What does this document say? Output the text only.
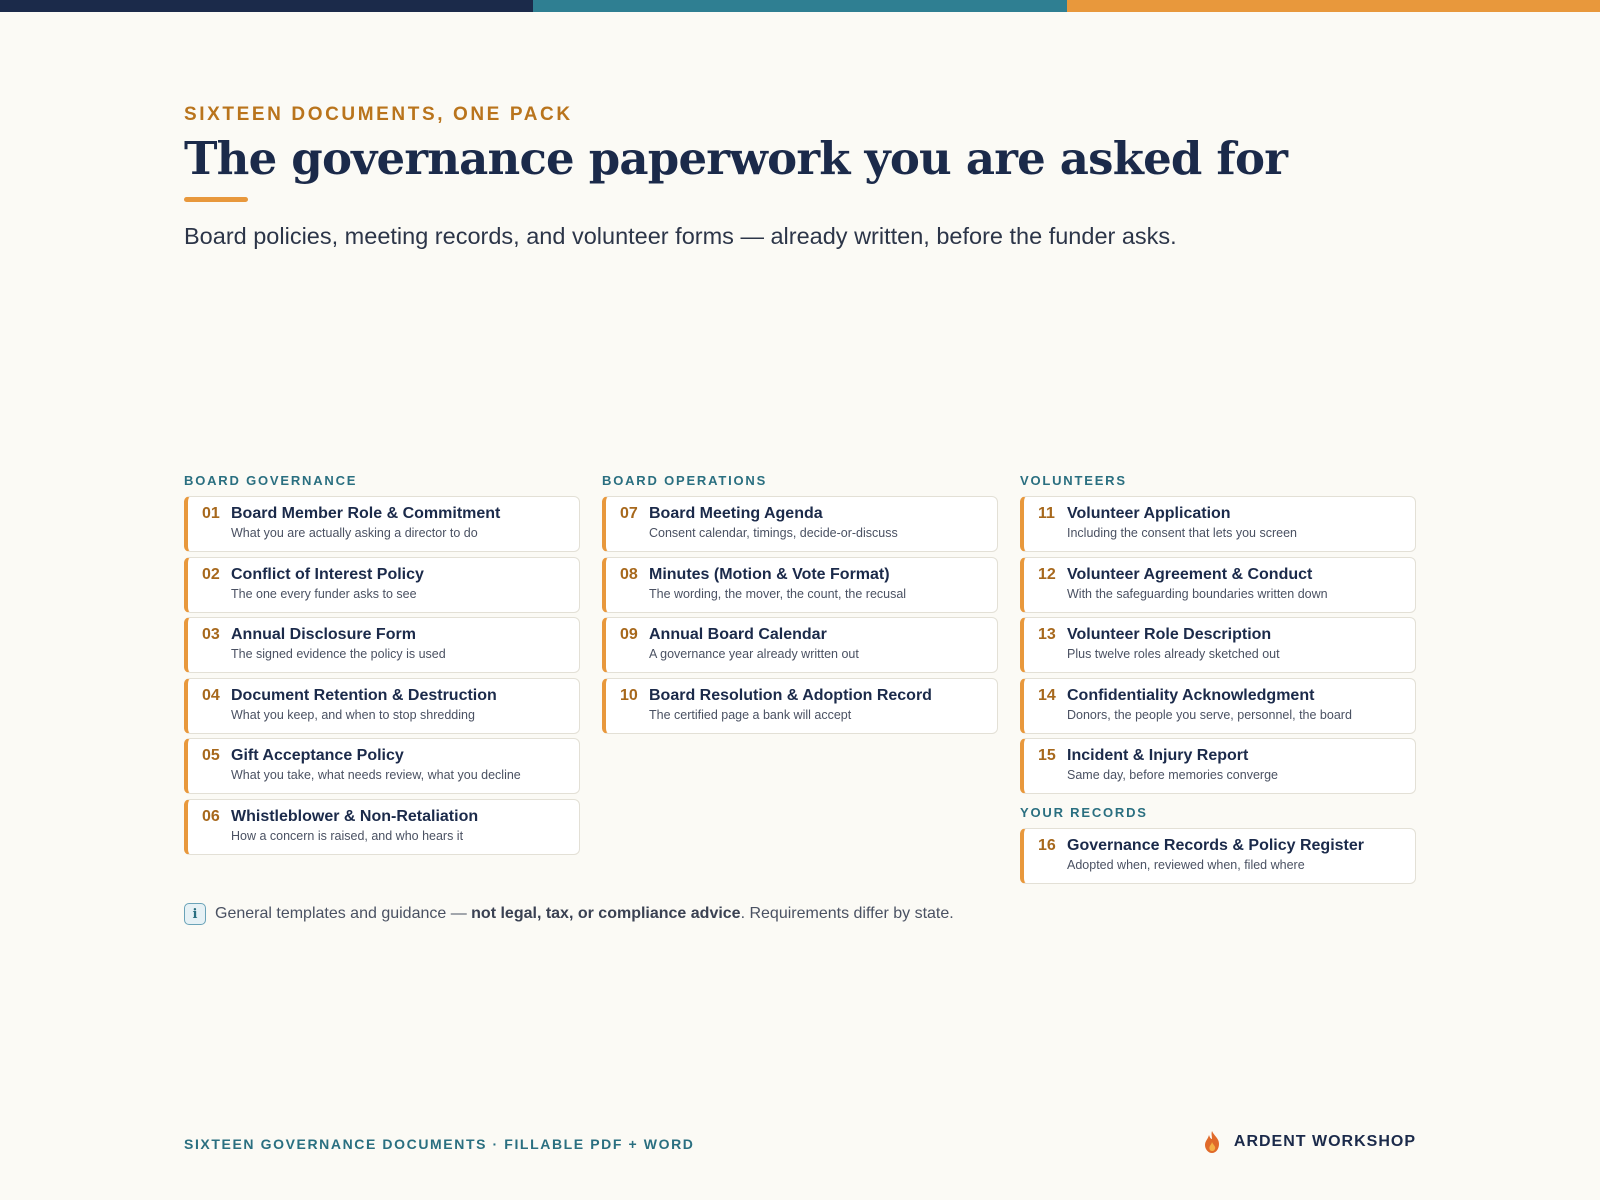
SIXTEEN DOCUMENTS, ONE PACK
The governance paperwork you are asked for

Board policies, meeting records, and volunteer forms — already written, before the funder asks.

BOARD GOVERNANCE
01 Board Member Role & Commitment
What you are actually asking a director to do
02 Conflict of Interest Policy
The one every funder asks to see
03 Annual Disclosure Form
The signed evidence the policy is used
04 Document Retention & Destruction
What you keep, and when to stop shredding
05 Gift Acceptance Policy
What you take, what needs review, what you decline
06 Whistleblower & Non-Retaliation
How a concern is raised, and who hears it
BOARD OPERATIONS
07 Board Meeting Agenda
Consent calendar, timings, decide-or-discuss
08 Minutes (Motion & Vote Format)
The wording, the mover, the count, the recusal
09 Annual Board Calendar
A governance year already written out
10 Board Resolution & Adoption Record
The certified page a bank will accept
VOLUNTEERS
11 Volunteer Application
Including the consent that lets you screen
12 Volunteer Agreement & Conduct
With the safeguarding boundaries written down
13 Volunteer Role Description
Plus twelve roles already sketched out
14 Confidentiality Acknowledgment
Donors, the people you serve, personnel, the board
15 Incident & Injury Report
Same day, before memories converge
YOUR RECORDS
16 Governance Records & Policy Register
Adopted when, reviewed when, filed where
i	General templates and guidance — not legal, tax, or compliance advice. Requirements differ by state.
SIXTEEN GOVERNANCE DOCUMENTS · FILLABLE PDF + WORD	ARDENT WORKSHOP
